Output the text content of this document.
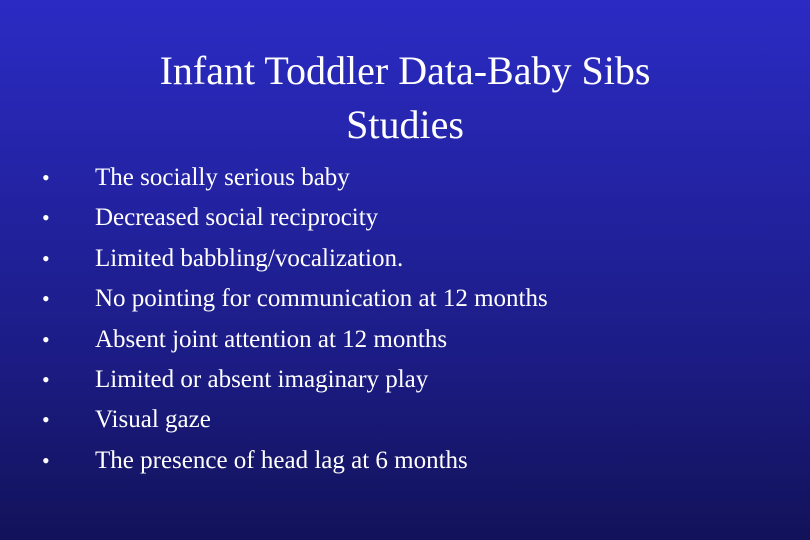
Infant Toddler Data-Baby Sibs
Studies
•	The socially serious baby
•	Decreased social reciprocity
•	Limited babbling/vocalization.
•	No pointing for communication at 12 months
•	Absent joint attention at 12 months
•	Limited or absent imaginary play
•	Visual gaze
•	The presence of head lag at 6 months
